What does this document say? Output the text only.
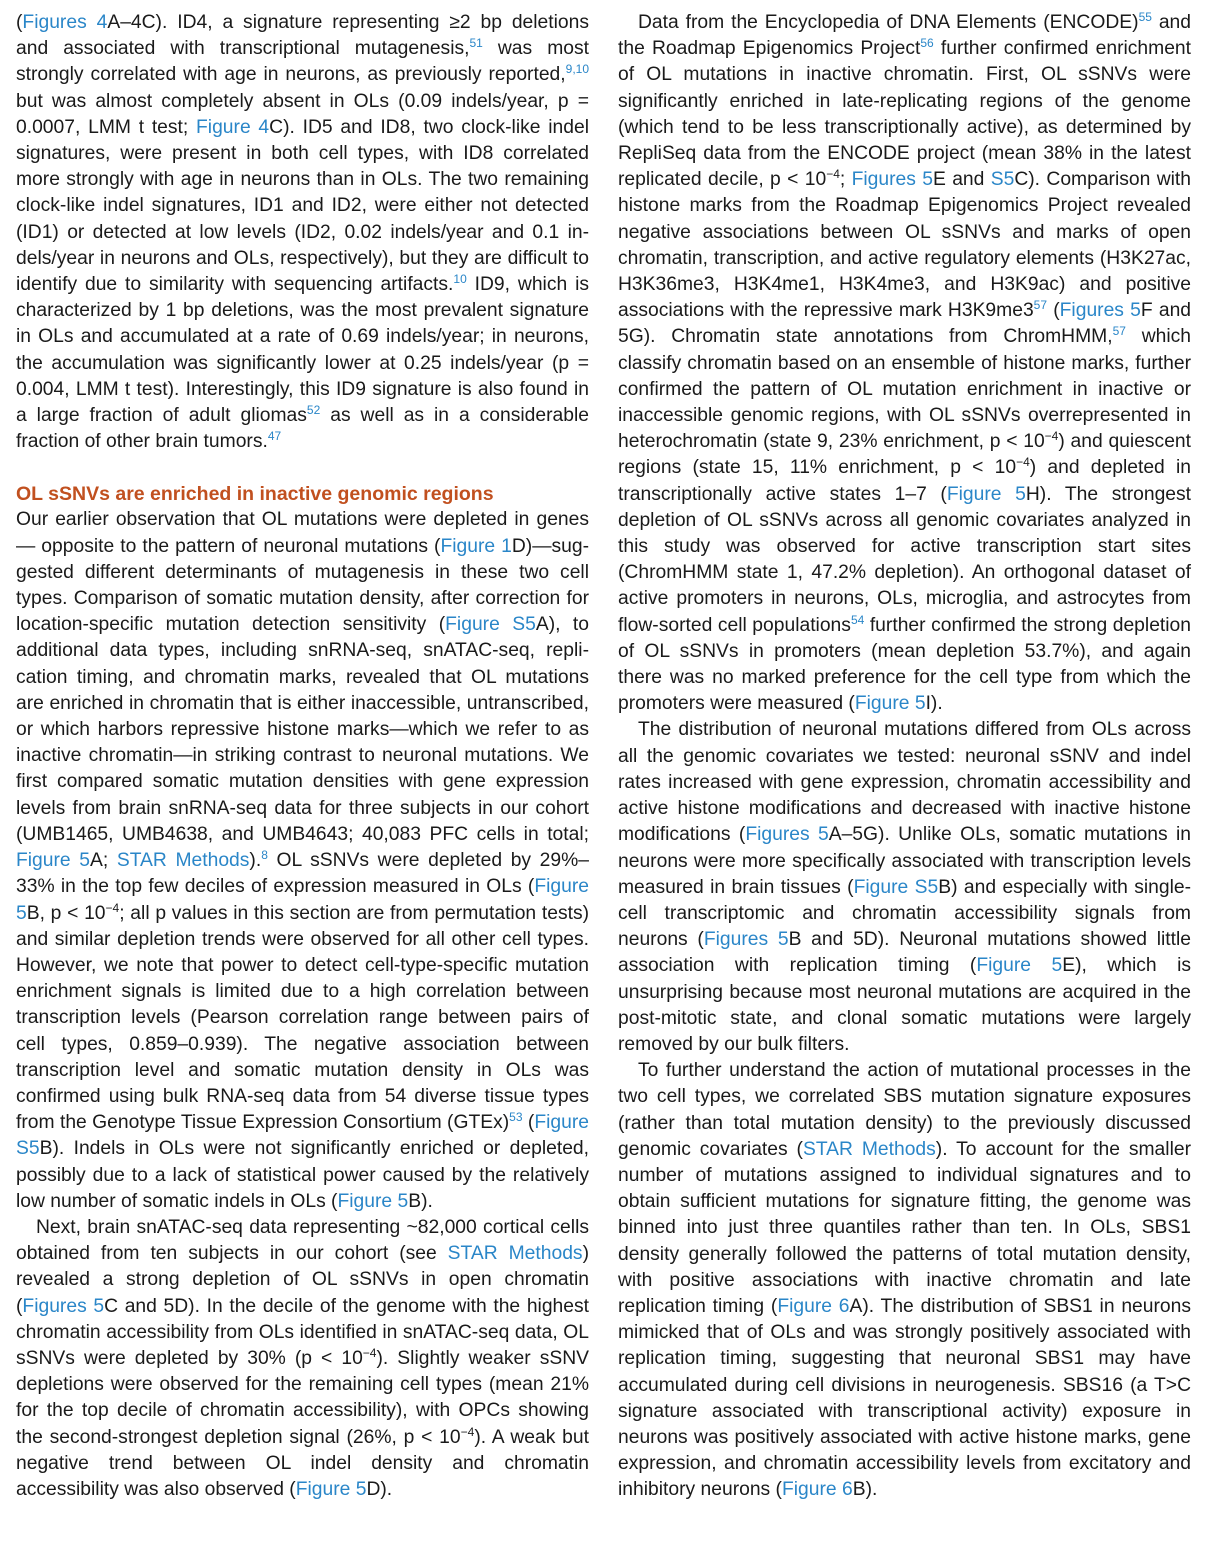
(Figures 4A–4C). ID4, a signature representing ≥2 bp deletions and associated with transcriptional mutagenesis,$^{51}$ was most strongly correlated with age in neurons, as previously reported,$^{9,10}$ but was almost completely absent in OLs (0.09 indels/year, p = 0.0007, LMM t test; Figure 4C). ID5 and ID8, two clock-like indel signatures, were present in both cell types, with ID8 correlated more strongly with age in neurons than in OLs. The two remaining clock-like indel signatures, ID1 and ID2, were either not detected (ID1) or detected at low levels (ID2, 0.02 indels/year and 0.1 indels/year in neurons and OLs, respectively), but they are difficult to identify due to similarity with sequencing artifacts.$^{10}$ ID9, which is characterized by 1 bp deletions, was the most prevalent signature in OLs and accumulated at a rate of 0.69 indels/year; in neurons, the accumulation was significantly lower at 0.25 indels/year (p = 0.004, LMM t test). Interestingly, this ID9 signature is also found in a large fraction of adult gliomas$^{52}$ as well as in a considerable fraction of other brain tumors.$^{47}$

OL sSNVs are enriched in inactive genomic regions

Our earlier observation that OL mutations were depleted in genes— opposite to the pattern of neuronal mutations (Figure 1D)—suggested different determinants of mutagenesis in these two cell types. Comparison of somatic mutation density, after correction for location-specific mutation detection sensitivity (Figure S5A), to additional data types, including snRNA-seq, snATAC-seq, replication timing, and chromatin marks, revealed that OL mutations are enriched in chromatin that is either inaccessible, untranscribed, or which harbors repressive histone marks—which we refer to as inactive chromatin—in striking contrast to neuronal mutations. We first compared somatic mutation densities with gene expression levels from brain snRNA-seq data for three subjects in our cohort (UMB1465, UMB4638, and UMB4643; 40,083 PFC cells in total; Figure 5A; STAR Methods).$^8$ OL sSNVs were depleted by 29%–33% in the top few deciles of expression measured in OLs (Figure 5B, $p < 10^{-4}$; all p values in this section are from permutation tests) and similar depletion trends were observed for all other cell types. However, we note that power to detect cell-type-specific mutation enrichment signals is limited due to a high correlation between transcription levels (Pearson correlation range between pairs of cell types, 0.859–0.939). The negative association between transcription level and somatic mutation density in OLs was confirmed using bulk RNA-seq data from 54 diverse tissue types from the Genotype Tissue Expression Consortium (GTEx)$^{53}$ (Figure S5B). Indels in OLs were not significantly enriched or depleted, possibly due to a lack of statistical power caused by the relatively low number of somatic indels in OLs (Figure 5B).

Next, brain snATAC-seq data representing ~82,000 cortical cells obtained from ten subjects in our cohort (see STAR Methods) revealed a strong depletion of OL sSNVs in open chromatin (Figures 5C and 5D). In the decile of the genome with the highest chromatin accessibility from OLs identified in snATAC-seq data, OL sSNVs were depleted by 30% $(p < 10^{-4})$. Slightly weaker sSNV depletions were observed for the remaining cell types (mean 21% for the top decile of chromatin accessibility), with OPCs showing the second-strongest depletion signal (26%, $p < 10^{-4}$). A weak but negative trend between OL indel density and chromatin accessibility was also observed (Figure 5D).

Data from the Encyclopedia of DNA Elements (ENCODE)$^{55}$ and the Roadmap Epigenomics Project$^{56}$ further confirmed enrichment of OL mutations in inactive chromatin. First, OL sSNVs were significantly enriched in late-replicating regions of the genome (which tend to be less transcriptionally active), as determined by RepliSeq data from the ENCODE project (mean 38% in the latest replicated decile, $p < 10^{-4}$; Figures 5E and S5C). Comparison with histone marks from the Roadmap Epigenomics Project revealed negative associations between OL sSNVs and marks of open chromatin, transcription, and active regulatory elements (H3K27ac, H3K36me3, H3K4me1, H3K4me3, and H3K9ac) and positive associations with the repressive mark $H3K9me3^{57}$ (Figures 5F and 5G). Chromatin state annotations from ChromHMM,$^{57}$ which classify chromatin based on an ensemble of histone marks, further confirmed the pattern of OL mutation enrichment in inactive or inaccessible genomic regions, with OL sSNVs overrepresented in heterochromatin (state 9, 23% enrichment, $p < 10^{-4}$) and quiescent regions (state 15, 11% enrichment, $p < 10^{-4}$) and depleted in transcriptionally active states 1–7 (Figure 5H). The strongest depletion of OL sSNVs across all genomic covariates analyzed in this study was observed for active transcription start sites (ChromHMM state 1, 47.2% depletion). An orthogonal dataset of active promoters in neurons, OLs, microglia, and astrocytes from flow-sorted cell populations$^{54}$ further confirmed the strong depletion of OL sSNVs in promoters (mean depletion 53.7%), and again there was no marked preference for the cell type from which the promoters were measured (Figure 5I).

The distribution of neuronal mutations differed from OLs across all the genomic covariates we tested: neuronal sSNV and indel rates increased with gene expression, chromatin accessibility and active histone modifications and decreased with inactive histone modifications (Figures 5A–5G). Unlike OLs, somatic mutations in neurons were more specifically associated with transcription levels measured in brain tissues (Figure S5B) and especially with single-cell transcriptomic and chromatin accessibility signals from neurons (Figures 5B and 5D). Neuronal mutations showed little association with replication timing (Figure 5E), which is unsurprising because most neuronal mutations are acquired in the post-mitotic state, and clonal somatic mutations were largely removed by our bulk filters.

To further understand the action of mutational processes in the two cell types, we correlated SBS mutation signature exposures (rather than total mutation density) to the previously discussed genomic covariates (STAR Methods). To account for the smaller number of mutations assigned to individual signatures and to obtain sufficient mutations for signature fitting, the genome was binned into just three quantiles rather than ten. In OLs, SBS1 density generally followed the patterns of total mutation density, with positive associations with inactive chromatin and late replication timing (Figure 6A). The distribution of SBS1 in neurons mimicked that of OLs and was strongly positively associated with replication timing, suggesting that neuronal SBS1 may have accumulated during cell divisions in neurogenesis. SBS16 (a T>C signature associated with transcriptional activity) exposure in neurons was positively associated with active histone marks, gene expression, and chromatin accessibility levels from excitatory and inhibitory neurons (Figure 6B).
